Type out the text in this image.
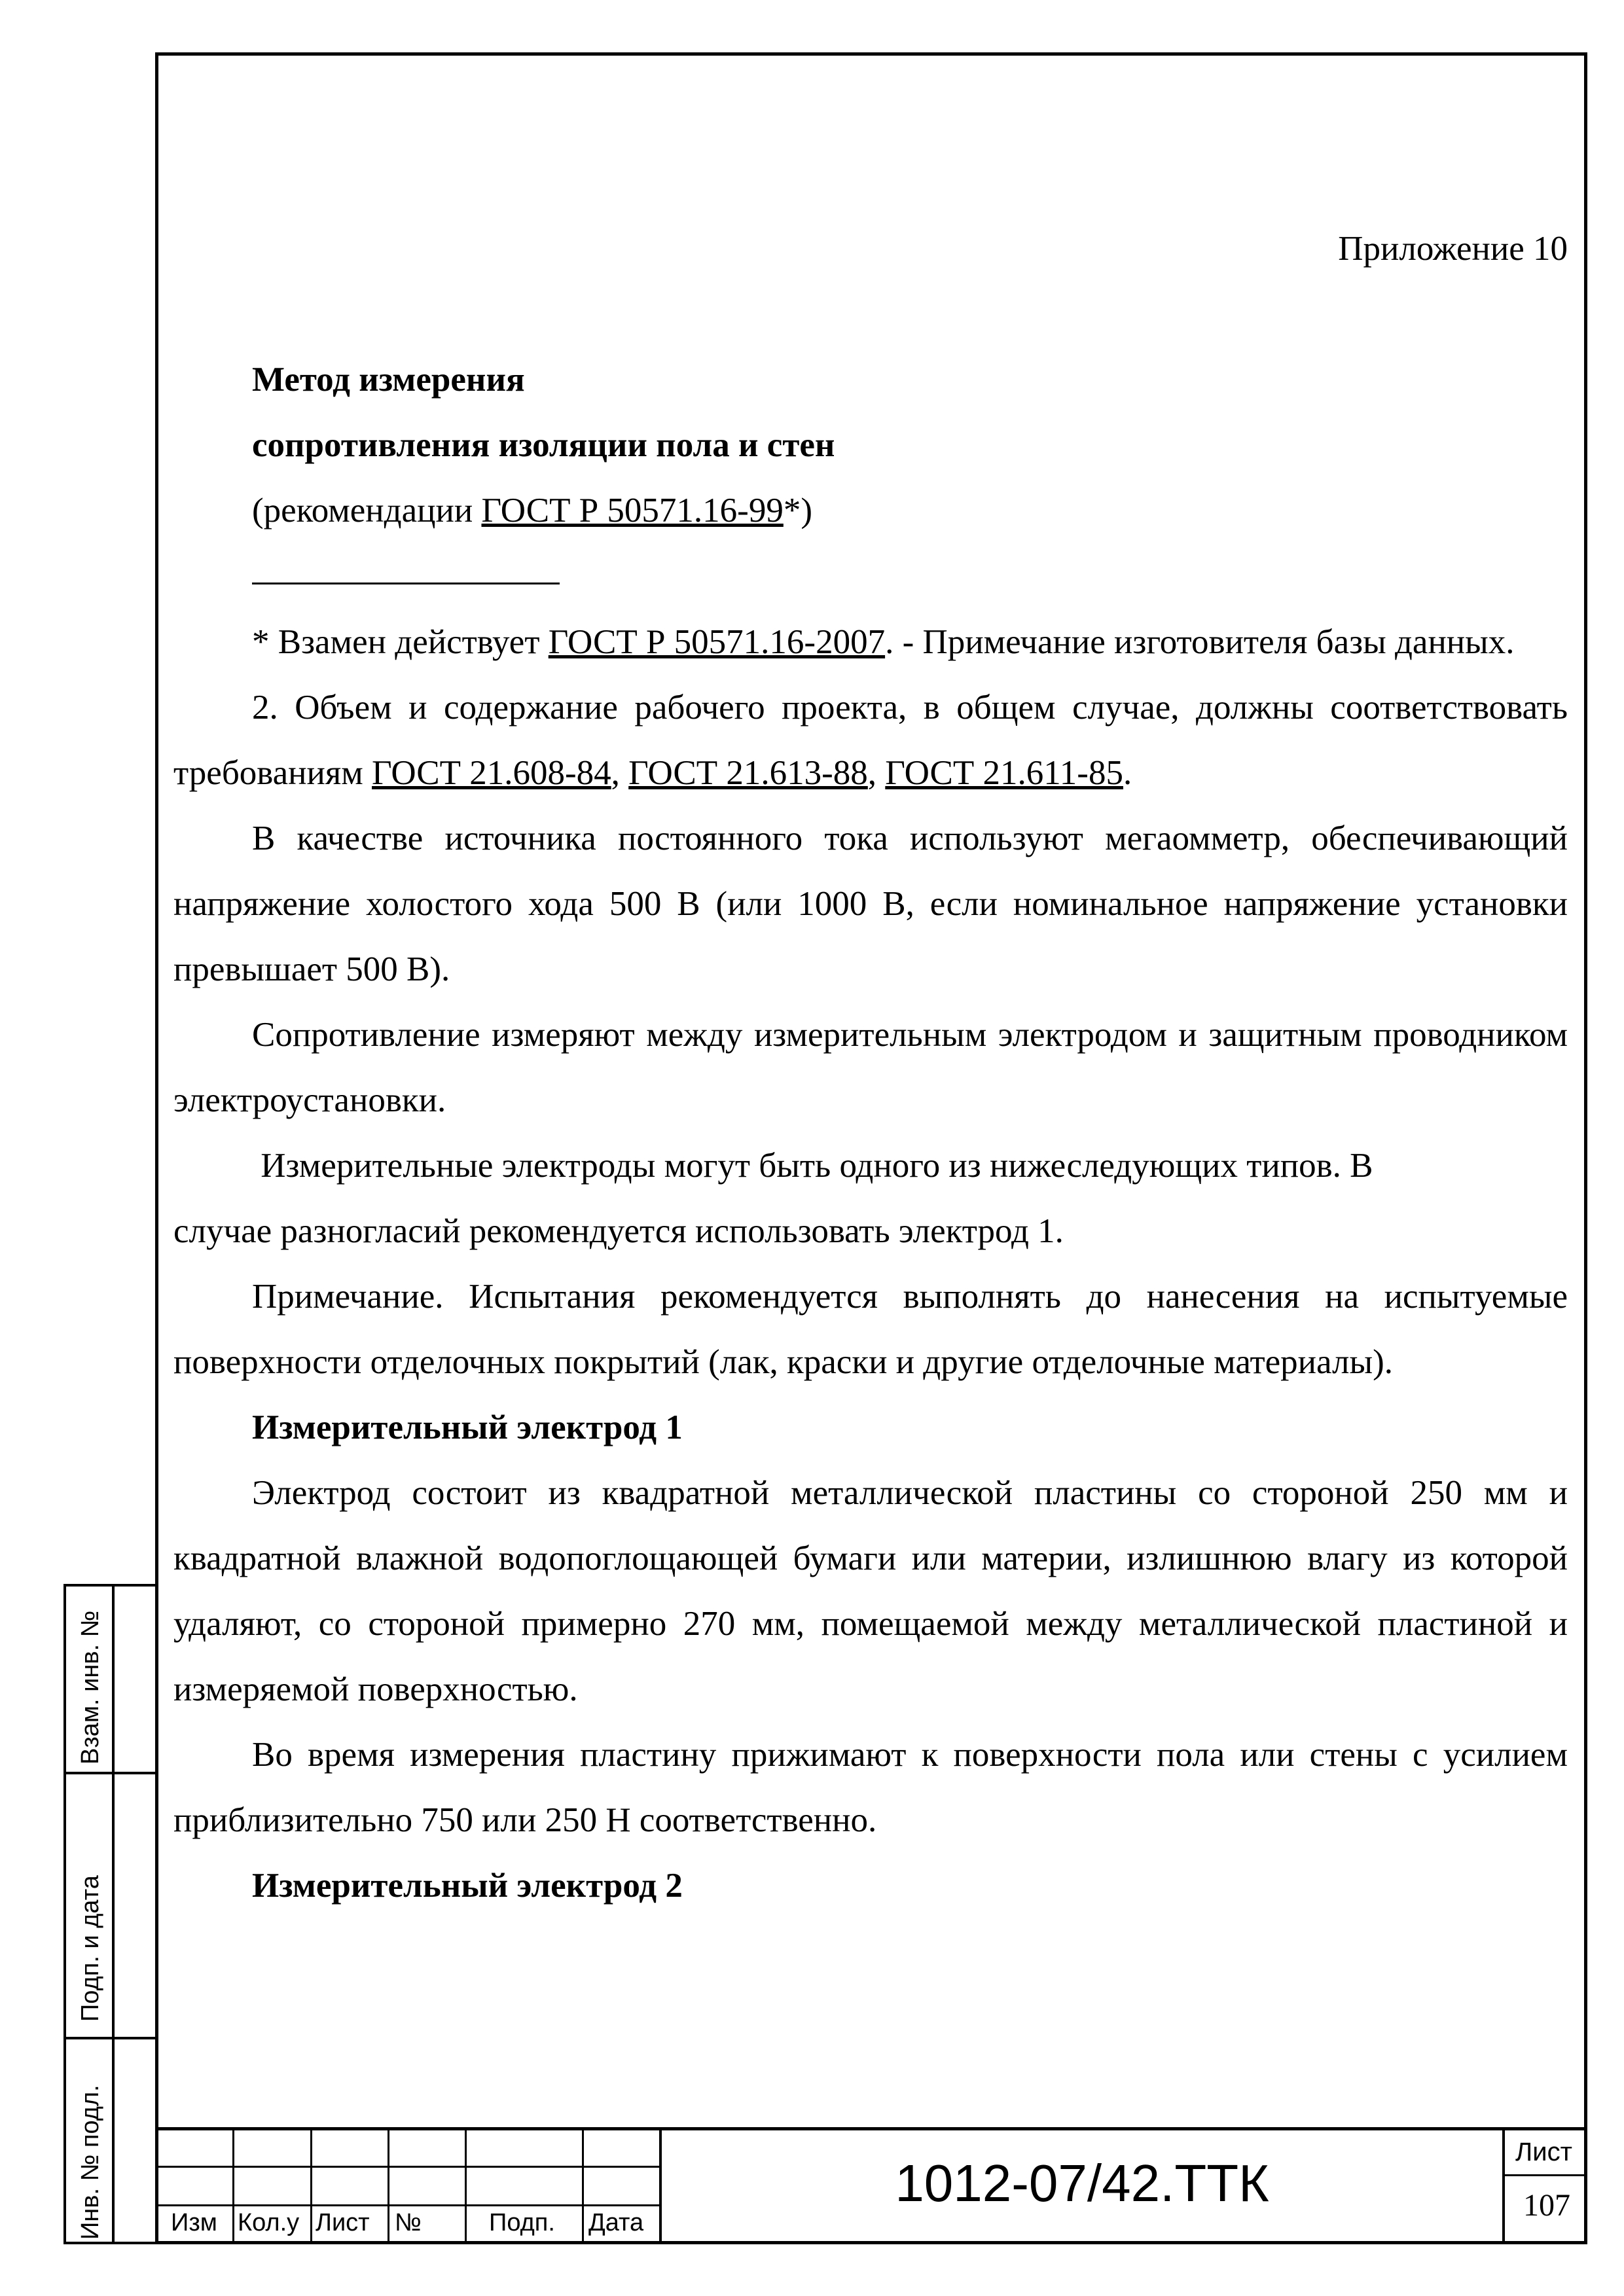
Приложение 10

Метод измерения

сопротивления изоляции пола и стен

(рекомендации ГОСТ Р 50571.16-99*)

* Взамен действует ГОСТ Р 50571.16-2007. - Примечание изготовителя базы данных.

2. Объем и содержание рабочего проекта, в общем случае, должны соответствовать требованиям ГОСТ 21.608-84, ГОСТ 21.613-88, ГОСТ 21.611-85.

В качестве источника постоянного тока используют мегаомметр, обеспечивающий напряжение холостого хода 500 В (или 1000 В, если номинальное напряжение установки превышает 500 В).

Сопротивление измеряют между измерительным электродом и защитным проводником электроустановки.

Измерительные электроды могут быть одного из нижеследующих типов. В

случае разногласий рекомендуется использовать электрод 1.

Примечание. Испытания рекомендуется выполнять до нанесения на испытуемые поверхности отделочных покрытий (лак, краски и другие отделочные материалы).

Измерительный электрод 1

Электрод состоит из квадратной металлической пластины со стороной 250 мм и квадратной влажной водопоглощающей бумаги или материи, излишнюю влагу из которой удаляют, со стороной примерно 270 мм, помещаемой между металлической пластиной и измеряемой поверхностью.

Во время измерения пластину прижимают к поверхности пола или стены с усилием приблизительно 750 или 250 Н соответственно.

Измерительный электрод 2

Взам. инв. №
Подп. и дата
Инв. № подл.	Изм Кол.у Лист №	Подп. Дата
1012-07/42.ТТК
Лист
107
